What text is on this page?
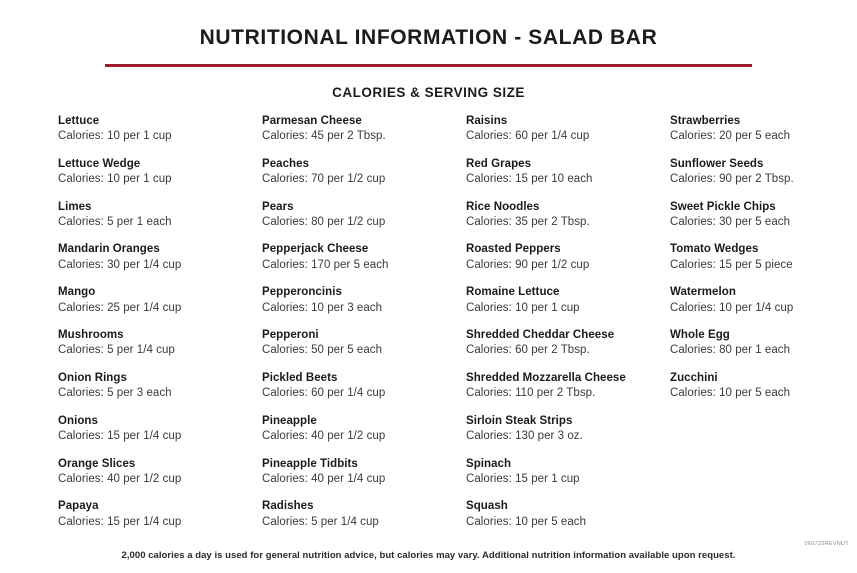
NUTRITIONAL INFORMATION - SALAD BAR
CALORIES & SERVING SIZE
Lettuce
Calories: 10 per 1 cup
Lettuce Wedge
Calories: 10 per 1 cup
Limes
Calories: 5 per 1 each
Mandarin Oranges
Calories: 30 per 1/4 cup
Mango
Calories: 25 per 1/4 cup
Mushrooms
Calories: 5 per 1/4 cup
Onion Rings
Calories: 5 per 3 each
Onions
Calories: 15 per 1/4 cup
Orange Slices
Calories: 40 per 1/2 cup
Papaya
Calories: 15 per 1/4 cup
Parmesan Cheese
Calories: 45 per 2 Tbsp.
Peaches
Calories: 70 per 1/2 cup
Pears
Calories: 80 per 1/2 cup
Pepperjack Cheese
Calories: 170 per 5 each
Pepperoncinis
Calories: 10 per 3 each
Pepperoni
Calories: 50 per 5 each
Pickled Beets
Calories: 60 per 1/4 cup
Pineapple
Calories: 40 per 1/2 cup
Pineapple Tidbits
Calories: 40 per 1/4 cup
Radishes
Calories: 5 per 1/4 cup
Raisins
Calories: 60 per 1/4 cup
Red Grapes
Calories: 15 per 10 each
Rice Noodles
Calories: 35 per 2 Tbsp.
Roasted Peppers
Calories: 90 per 1/2 cup
Romaine Lettuce
Calories: 10 per 1 cup
Shredded Cheddar Cheese
Calories: 60 per 2 Tbsp.
Shredded Mozzarella Cheese
Calories: 110 per 2 Tbsp.
Sirloin Steak Strips
Calories: 130 per 3 oz.
Spinach
Calories: 15 per 1 cup
Squash
Calories: 10 per 5 each
Strawberries
Calories: 20 per 5 each
Sunflower Seeds
Calories: 90 per 2 Tbsp.
Sweet Pickle Chips
Calories: 30 per 5 each
Tomato Wedges
Calories: 15 per 5 piece
Watermelon
Calories: 10 per 1/4 cup
Whole Egg
Calories: 80 per 1 each
Zucchini
Calories: 10 per 5 each
2,000 calories a day is used for general nutrition advice, but calories may vary. Additional nutrition information available upon request.
060722REVNUT
